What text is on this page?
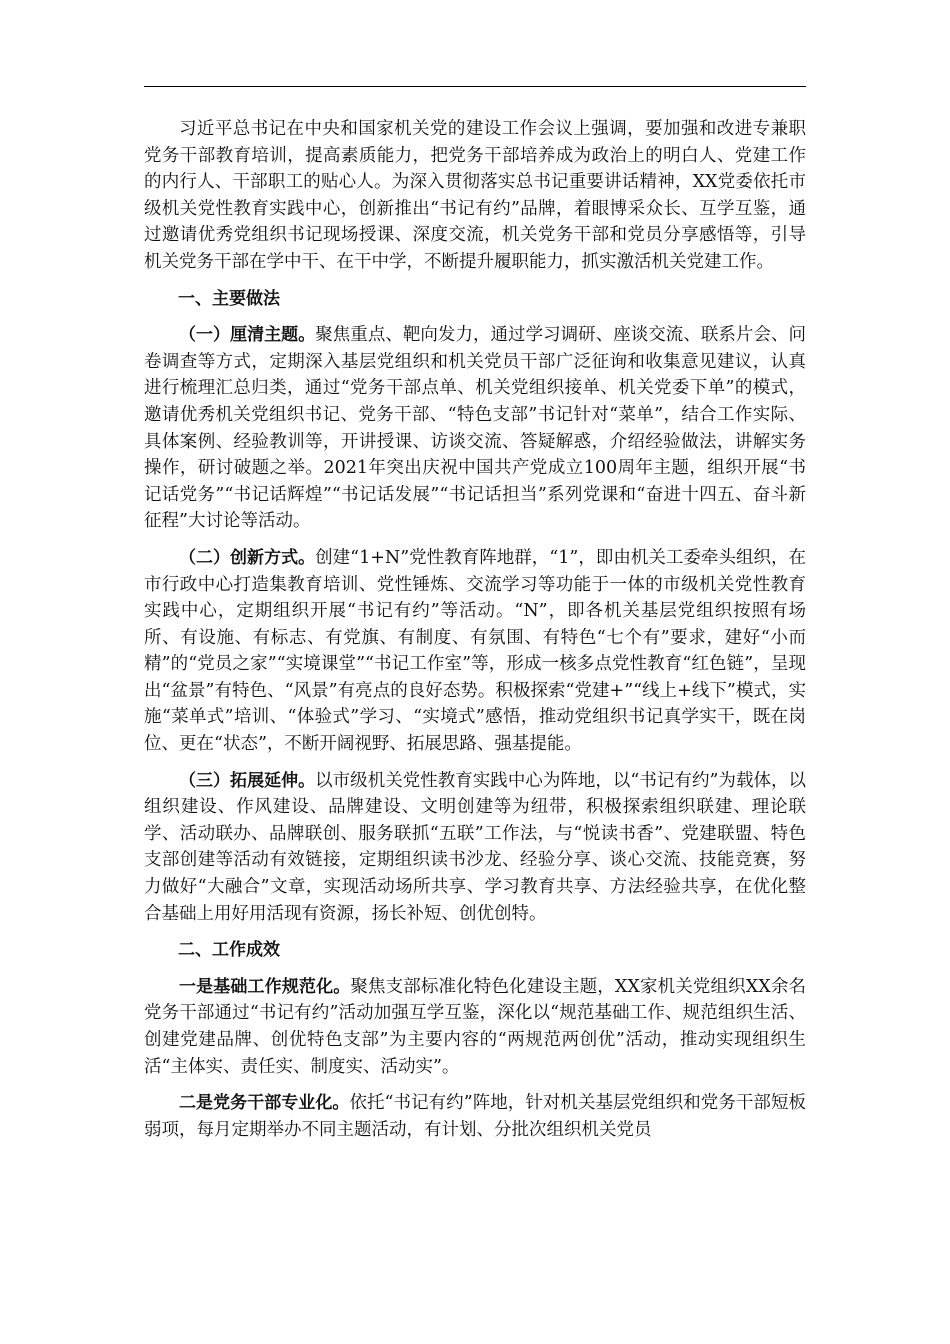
习近平总书记在中央和国家机关党的建设工作会议上强调，要加强和改进专兼职党务干部教育培训，提高素质能力，把党务干部培养成为政治上的明白人、党建工作的内行人、干部职工的贴心人。为深入贯彻落实总书记重要讲话精神，XX党委依托市级机关党性教育实践中心，创新推出“书记有约”品牌，着眼博采众长、互学互鉴，通过邀请优秀党组织书记现场授课、深度交流，机关党务干部和党员分享感悟等，引导机关党务干部在学中干、在干中学，不断提升履职能力，抓实激活机关党建工作。

一、主要做法

（一）厘清主题。聚焦重点、靶向发力，通过学习调研、座谈交流、联系片会、问卷调查等方式，定期深入基层党组织和机关党员干部广泛征询和收集意见建议，认真进行梳理汇总归类，通过“党务干部点单、机关党组织接单、机关党委下单”的模式，邀请优秀机关党组织书记、党务干部、“特色支部”书记针对“菜单”，结合工作实际、具体案例、经验教训等，开讲授课、访谈交流、答疑解惑，介绍经验做法，讲解实务操作，研讨破题之举。2021年突出庆祝中国共产党成立100周年主题，组织开展“书记话党务”“书记话辉煌”“书记话发展”“书记话担当”系列党课和“奋进十四五、奋斗新征程”大讨论等活动。

（二）创新方式。创建“1+N”党性教育阵地群，“1”，即由机关工委牵头组织，在市行政中心打造集教育培训、党性锤炼、交流学习等功能于一体的市级机关党性教育实践中心，定期组织开展“书记有约”等活动。“N”，即各机关基层党组织按照有场所、有设施、有标志、有党旗、有制度、有氛围、有特色“七个有”要求，建好“小而精”的“党员之家”“实境课堂”“书记工作室”等，形成一核多点党性教育“红色链”，呈现出“盆景”有特色、“风景”有亮点的良好态势。积极探索“党建+”“线上+线下”模式，实施“菜单式”培训、“体验式”学习、“实境式”感悟，推动党组织书记真学实干，既在岗位、更在“状态”，不断开阔视野、拓展思路、强基提能。

（三）拓展延伸。以市级机关党性教育实践中心为阵地，以“书记有约”为载体，以组织建设、作风建设、品牌建设、文明创建等为纽带，积极探索组织联建、理论联学、活动联办、品牌联创、服务联抓“五联”工作法，与“悦读书香”、党建联盟、特色支部创建等活动有效链接，定期组织读书沙龙、经验分享、谈心交流、技能竞赛，努力做好“大融合”文章，实现活动场所共享、学习教育共享、方法经验共享，在优化整合基础上用好用活现有资源，扬长补短、创优创特。

二、工作成效

一是基础工作规范化。聚焦支部标准化特色化建设主题，XX家机关党组织XX余名党务干部通过“书记有约”活动加强互学互鉴，深化以“规范基础工作、规范组织生活、创建党建品牌、创优特色支部”为主要内容的“两规范两创优”活动，推动实现组织生活“主体实、责任实、制度实、活动实”。

二是党务干部专业化。依托“书记有约”阵地，针对机关基层党组织和党务干部短板弱项，每月定期举办不同主题活动，有计划、分批次组织机关党员
